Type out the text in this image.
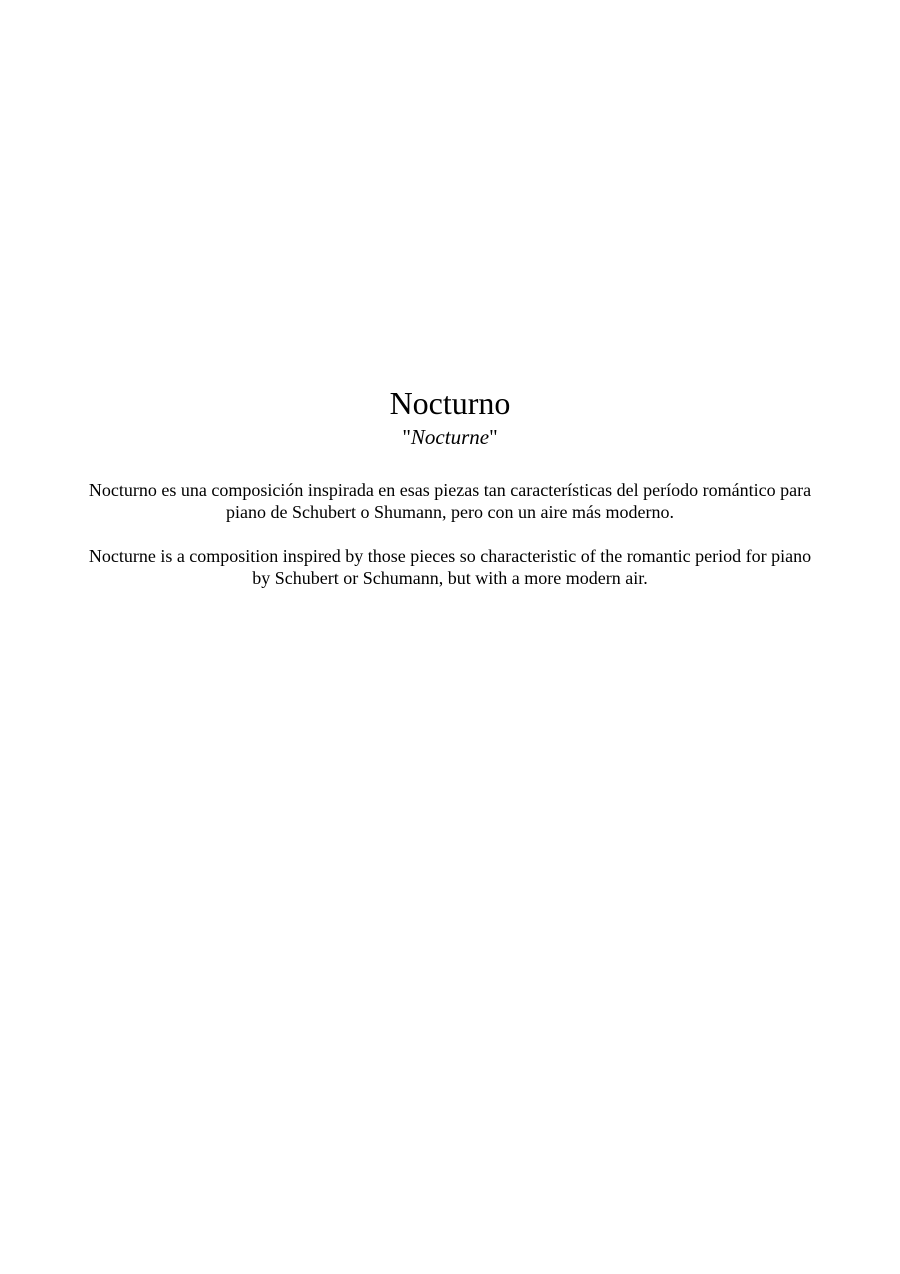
Nocturno
"Nocturne"

Nocturno es una composición inspirada en esas piezas tan características del período romántico para piano de Schubert o Shumann, pero con un aire más moderno.

Nocturne is a composition inspired by those pieces so characteristic of the romantic period for piano by Schubert or Schumann, but with a more modern air.
